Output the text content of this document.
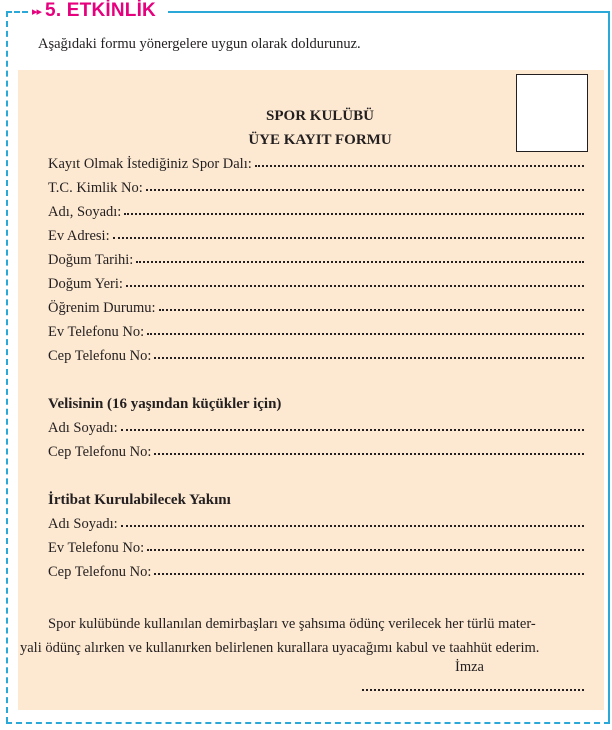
▸▸ 5. ETKİNLİK
Aşağıdaki formu yönergelere uygun olarak doldurunuz.
SPOR KULÜBÜ
ÜYE KAYIT FORMU
Kayıt Olmak İstediğiniz Spor Dalı:
T.C. Kimlik No:
Adı, Soyadı:
Ev Adresi:
Doğum Tarihi:
Doğum Yeri:
Öğrenim Durumu:
Ev Telefonu No:
Cep Telefonu No:
Velisinin (16 yaşından küçükler için)
Adı Soyadı:
Cep Telefonu No:
İrtibat Kurulabilecek Yakını
Adı Soyadı:
Ev Telefonu No:
Cep Telefonu No:
Spor kulübünde kullanılan demirbaşları ve şahsıma ödünç verilecek her türlü mater-
yali ödünç alırken ve kullanırken belirlenen kurallara uyacağımı kabul ve taahhüt ederim.
İmza
